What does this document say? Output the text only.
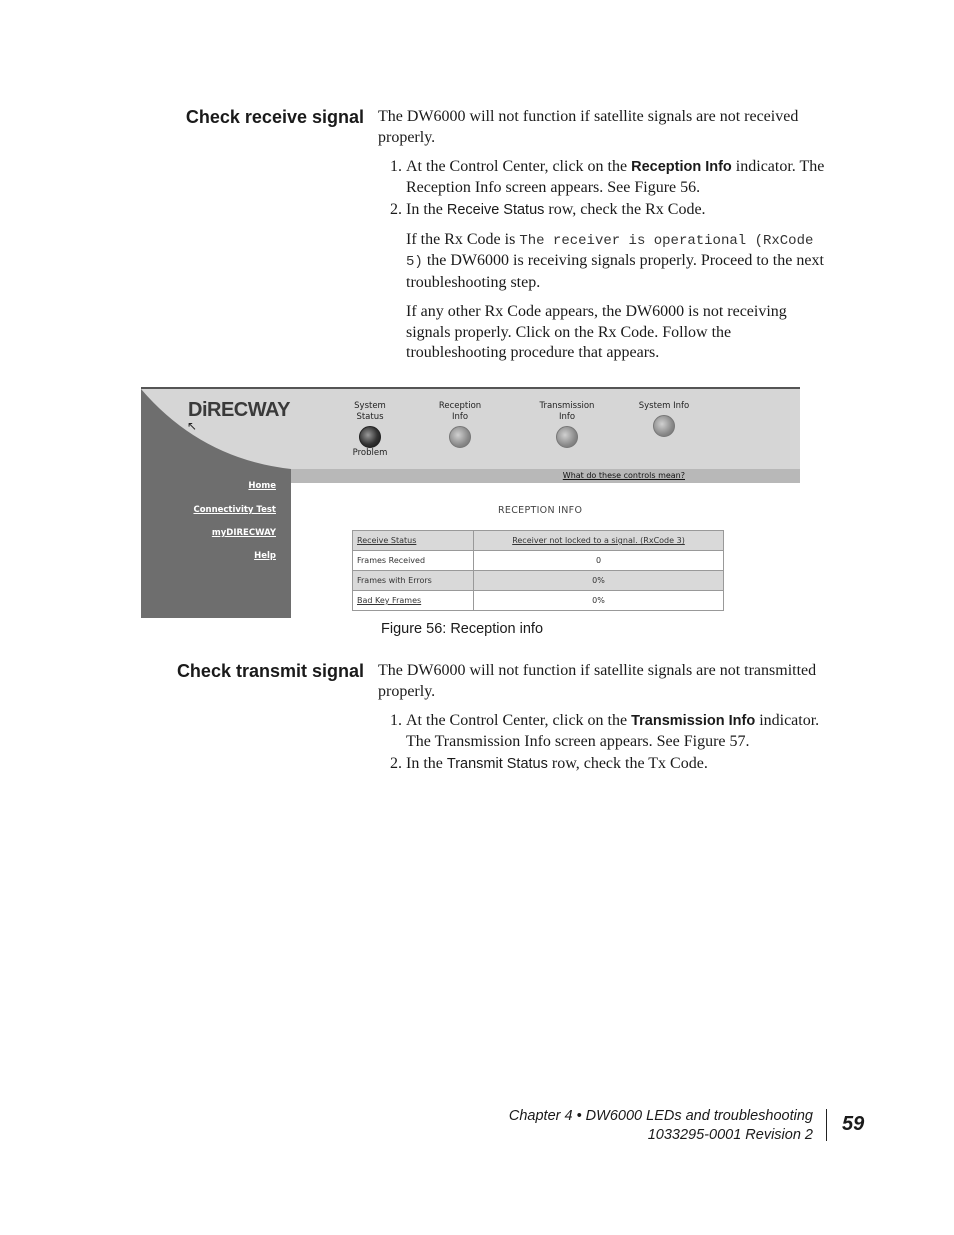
Check receive signal The DW6000 will not function if satellite signals are not received properly.

1. At the Control Center, click on the Reception Info indicator. The Reception Info screen appears. See Figure 56.

2. In the Receive Status row, check the Rx Code.

If the Rx Code is The receiver is operational (RxCode 5) the DW6000 is receiving signals properly. Proceed to the next troubleshooting step.

If any other Rx Code appears, the DW6000 is not receiving signals properly. Click on the Rx Code. Follow the troubleshooting procedure that appears.

DiRECWAY
↖
System Status
Problem
Reception Info
Transmission Info
System Info
What do these controls mean?
Home
Connectivity Test
myDIRECWAY
Help
RECEPTION INFO
Receive Status	Receiver not locked to a signal. (RxCode 3)
Frames Received	0
Frames with Errors	0%
Bad Key Frames	0%
Figure 56: Reception info
Check transmit signal The DW6000 will not function if satellite signals are not transmitted properly.

1. At the Control Center, click on the Transmission Info indicator. The Transmission Info screen appears. See Figure 57.
2. In the Transmit Status row, check the Tx Code.
Chapter 4 • DW6000 LEDs and troubleshooting
1033295-0001 Revision 2 59
